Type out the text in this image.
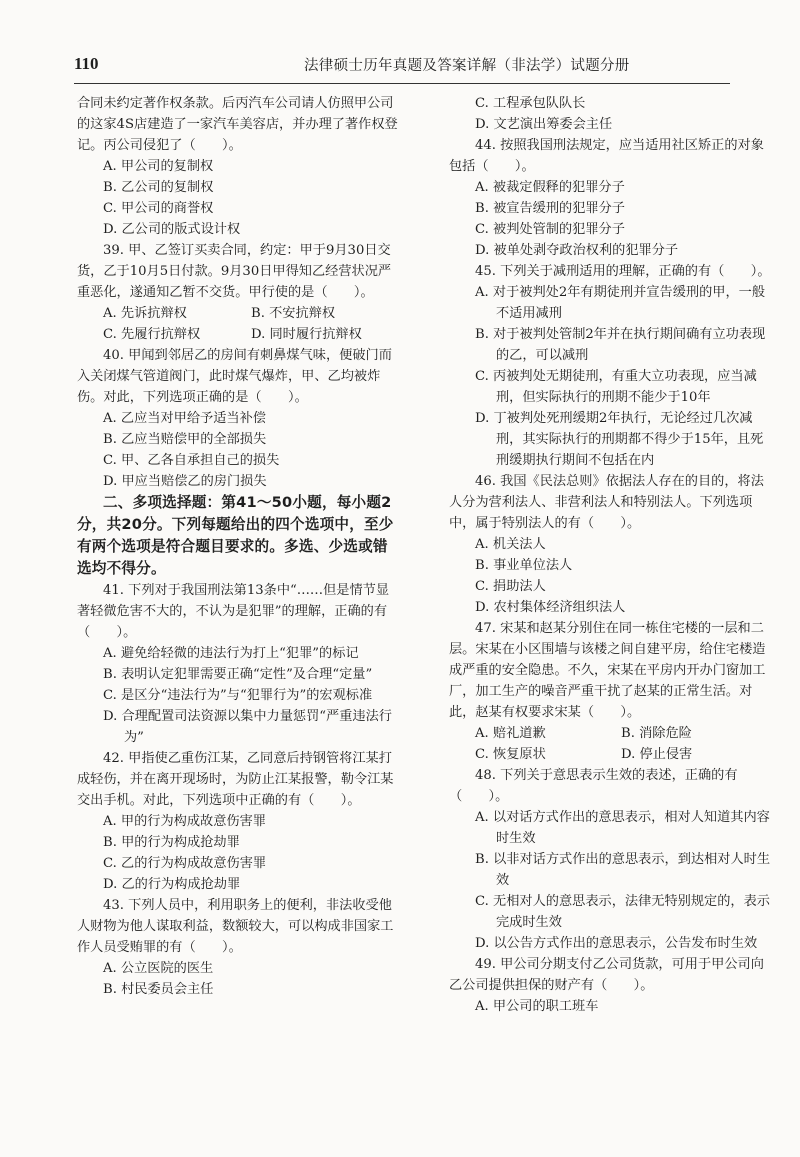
110	法律硕士历年真题及答案详解（非法学）试题分册

合同未约定著作权条款。后丙汽车公司请人仿照甲公司的这家4S店建造了一家汽车美容店，并办理了著作权登记。丙公司侵犯了（　　）。

A. 甲公司的复制权

B. 乙公司的复制权

C. 甲公司的商誉权

D. 乙公司的版式设计权

39. 甲、乙签订买卖合同，约定：甲于9月30日交货，乙于10月5日付款。9月30日甲得知乙经营状况严重恶化，遂通知乙暂不交货。甲行使的是（　　）。

A. 先诉抗辩权	B. 不安抗辩权
C. 先履行抗辩权	D. 同时履行抗辩权

40. 甲闻到邻居乙的房间有刺鼻煤气味，便破门而入关闭煤气管道阀门，此时煤气爆炸，甲、乙均被炸伤。对此，下列选项正确的是（　　）。

A. 乙应当对甲给予适当补偿

B. 乙应当赔偿甲的全部损失

C. 甲、乙各自承担自己的损失

D. 甲应当赔偿乙的房门损失

二、多项选择题：第41～50小题，每小题2分，共20分。下列每题给出的四个选项中，至少有两个选项是符合题目要求的。多选、少选或错选均不得分。

41. 下列对于我国刑法第13条中“……但是情节显著轻微危害不大的，不认为是犯罪”的理解，正确的有（　　）。

A. 避免给轻微的违法行为打上“犯罪”的标记

B. 表明认定犯罪需要正确“定性”及合理“定量”

C. 是区分“违法行为”与“犯罪行为”的宏观标准

D. 合理配置司法资源以集中力量惩罚“严重违法行为”

42. 甲指使乙重伤江某，乙同意后持钢管将江某打成轻伤，并在离开现场时，为防止江某报警，勒令江某交出手机。对此，下列选项中正确的有（　　）。

A. 甲的行为构成故意伤害罪

B. 甲的行为构成抢劫罪

C. 乙的行为构成故意伤害罪

D. 乙的行为构成抢劫罪

43. 下列人员中，利用职务上的便利，非法收受他人财物为他人谋取利益，数额较大，可以构成非国家工作人员受贿罪的有（　　）。

A. 公立医院的医生

B. 村民委员会主任

C. 工程承包队队长

D. 文艺演出筹委会主任

44. 按照我国刑法规定，应当适用社区矫正的对象包括（　　）。

A. 被裁定假释的犯罪分子

B. 被宣告缓刑的犯罪分子

C. 被判处管制的犯罪分子

D. 被单处剥夺政治权利的犯罪分子

45. 下列关于减刑适用的理解，正确的有（　　）。

A. 对于被判处2年有期徒刑并宣告缓刑的甲，一般不适用减刑

B. 对于被判处管制2年并在执行期间确有立功表现的乙，可以减刑

C. 丙被判处无期徒刑，有重大立功表现，应当减刑，但实际执行的刑期不能少于10年

D. 丁被判处死刑缓期2年执行，无论经过几次减刑，其实际执行的刑期都不得少于15年，且死刑缓期执行期间不包括在内

46. 我国《民法总则》依据法人存在的目的，将法人分为营利法人、非营利法人和特别法人。下列选项中，属于特别法人的有（　　）。

A. 机关法人

B. 事业单位法人

C. 捐助法人

D. 农村集体经济组织法人

47. 宋某和赵某分别住在同一栋住宅楼的一层和二层。宋某在小区围墙与该楼之间自建平房，给住宅楼造成严重的安全隐患。不久，宋某在平房内开办门窗加工厂，加工生产的噪音严重干扰了赵某的正常生活。对此，赵某有权要求宋某（　　）。

A. 赔礼道歉	B. 消除危险
C. 恢复原状	D. 停止侵害

48. 下列关于意思表示生效的表述，正确的有（　　）。

A. 以对话方式作出的意思表示，相对人知道其内容时生效

B. 以非对话方式作出的意思表示，到达相对人时生效

C. 无相对人的意思表示，法律无特别规定的，表示完成时生效

D. 以公告方式作出的意思表示，公告发布时生效

49. 甲公司分期支付乙公司货款，可用于甲公司向乙公司提供担保的财产有（　　）。

A. 甲公司的职工班车
